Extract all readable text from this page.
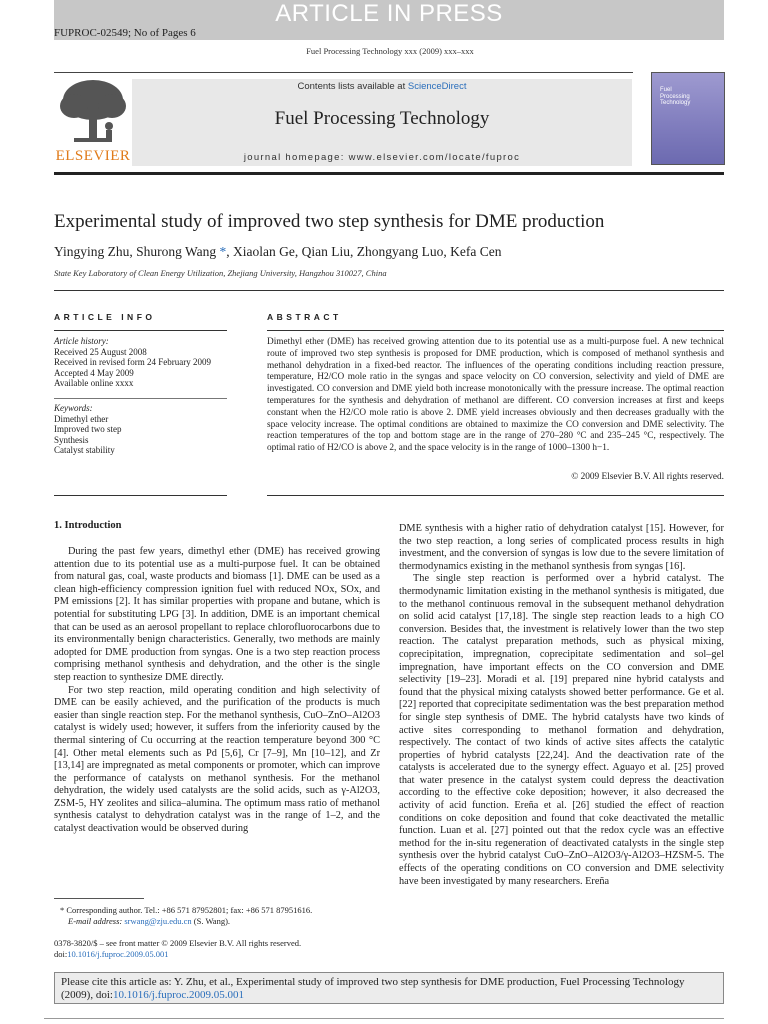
ARTICLE IN PRESS
FUPROC-02549; No of Pages 6
Fuel Processing Technology xxx (2009) xxx–xxx
ELSEVIER
Contents lists available at ScienceDirect
Fuel Processing Technology
journal homepage: www.elsevier.com/locate/fuproc
Fuel
Processing
Technology
Experimental study of improved two step synthesis for DME production
Yingying Zhu, Shurong Wang *, Xiaolan Ge, Qian Liu, Zhongyang Luo, Kefa Cen
State Key Laboratory of Clean Energy Utilization, Zhejiang University, Hangzhou 310027, China
ARTICLE INFO
Article history:
Received 25 August 2008
Received in revised form 24 February 2009
Accepted 4 May 2009
Available online xxxx
Keywords:
Dimethyl ether
Improved two step
Synthesis
Catalyst stability
ABSTRACT
Dimethyl ether (DME) has received growing attention due to its potential use as a multi-purpose fuel. A new technical route of improved two step synthesis is proposed for DME production, which is composed of methanol synthesis and methanol dehydration in a fixed-bed reactor. The influences of the operating conditions including reaction pressure, temperature, H2/CO mole ratio in the syngas and space velocity on CO conversion, selectivity and yield of DME are investigated. CO conversion and DME yield both increase monotonically with the pressure increase. The optimal reaction temperatures for the synthesis and dehydration of methanol are different. CO conversion increases at first and keeps constant when the H2/CO mole ratio is above 2. DME yield increases obviously and then decreases gradually with the space velocity increase. The optimal conditions are obtained to maximize the CO conversion and DME selectivity. The reaction temperatures of the top and bottom stage are in the range of 270–280 °C and 235–245 °C, respectively. The optimal ratio of H2/CO is above 2, and the space velocity is in the range of 1000–1300 h−1.
© 2009 Elsevier B.V. All rights reserved.
1. Introduction

During the past few years, dimethyl ether (DME) has received growing attention due to its potential use as a multi-purpose fuel. It can be obtained from natural gas, coal, waste products and biomass [1]. DME can be used as a clean high-efficiency compression ignition fuel with reduced NOx, SOx, and PM emissions [2]. It has similar properties with propane and butane, which is potential for substituting LPG [3]. In addition, DME is an important chemical that can be used as an aerosol propellant to replace chlorofluorocarbons due to its environmentally benign characteristics. Generally, two methods are mainly adopted for DME production from syngas. One is a two step reaction process comprising methanol synthesis and dehydration, and the other is the single step reaction to synthesize DME directly.

For two step reaction, mild operating condition and high selectivity of DME can be easily achieved, and the purification of the products is much easier than single reaction step. For the methanol synthesis, CuO–ZnO–Al2O3 catalyst is widely used; however, it suffers from the inferiority caused by the thermal sintering of Cu occurring at the reaction temperature beyond 300 °C [4]. Other metal elements such as Pd [5,6], Cr [7–9], Mn [10–12], and Zr [13,14] are impregnated as metal components or promoter, which can improve the performance of catalysts on methanol synthesis. For the methanol dehydration, the widely used catalysts are the solid acids, such as γ-Al2O3, ZSM-5, HY zeolites and silica–alumina. The optimum mass ratio of methanol synthesis catalyst to dehydration catalyst was in the range of 1–2, and the catalyst deactivation would be observed during

DME synthesis with a higher ratio of dehydration catalyst [15]. However, for the two step reaction, a long series of complicated process results in high investment, and the conversion of syngas is low due to the severe limitation of thermodynamics existing in the methanol synthesis from syngas [16].

The single step reaction is performed over a hybrid catalyst. The thermodynamic limitation existing in the methanol synthesis is mitigated, due to the methanol continuous removal in the subsequent methanol dehydration on solid acid catalyst [17,18]. The single step reaction leads to a high CO conversion. Besides that, the investment is relatively lower than the two step reaction. The catalyst preparation methods, such as physical mixing, coprecipitation, impregnation, coprecipitate sedimentation and sol–gel impregnation, have important effects on the CO conversion and DME selectivity [19–23]. Moradi et al. [19] prepared nine hybrid catalysts and found that the physical mixing catalysts showed better performance. Ge et al. [22] reported that coprecipitate sedimentation was the best preparation method for single step synthesis of DME. The hybrid catalysts have two kinds of active sites corresponding to methanol formation and dehydration, respectively. The contact of two kinds of active sites affects the catalytic properties of hybrid catalysts [22,24]. And the deactivation rate of the catalysts is accelerated due to the synergy effect. Aguayo et al. [25] proved that water presence in the catalyst system could depress the deactivation according to the effective coke deposition; however, it also decreased the activity of acid function. Ereña et al. [26] studied the effect of reaction conditions on coke deposition and found that coke deactivated the metallic function. Luan et al. [27] pointed out that the redox cycle was an effective method for the in-situ regeneration of deactivated catalysts in the single step synthesis over the hybrid catalyst CuO–ZnO–Al2O3/γ-Al2O3–HZSM-5. The effects of the operating conditions on CO conversion and DME selectivity have been investigated by many researchers. Ereña

* Corresponding author. Tel.: +86 571 87952801; fax: +86 571 87951616.
E-mail address: srwang@zju.edu.cn (S. Wang).
0378-3820/$ – see front matter © 2009 Elsevier B.V. All rights reserved.
doi:10.1016/j.fuproc.2009.05.001
Please cite this article as: Y. Zhu, et al., Experimental study of improved two step synthesis for DME production, Fuel Processing Technology (2009), doi:10.1016/j.fuproc.2009.05.001
